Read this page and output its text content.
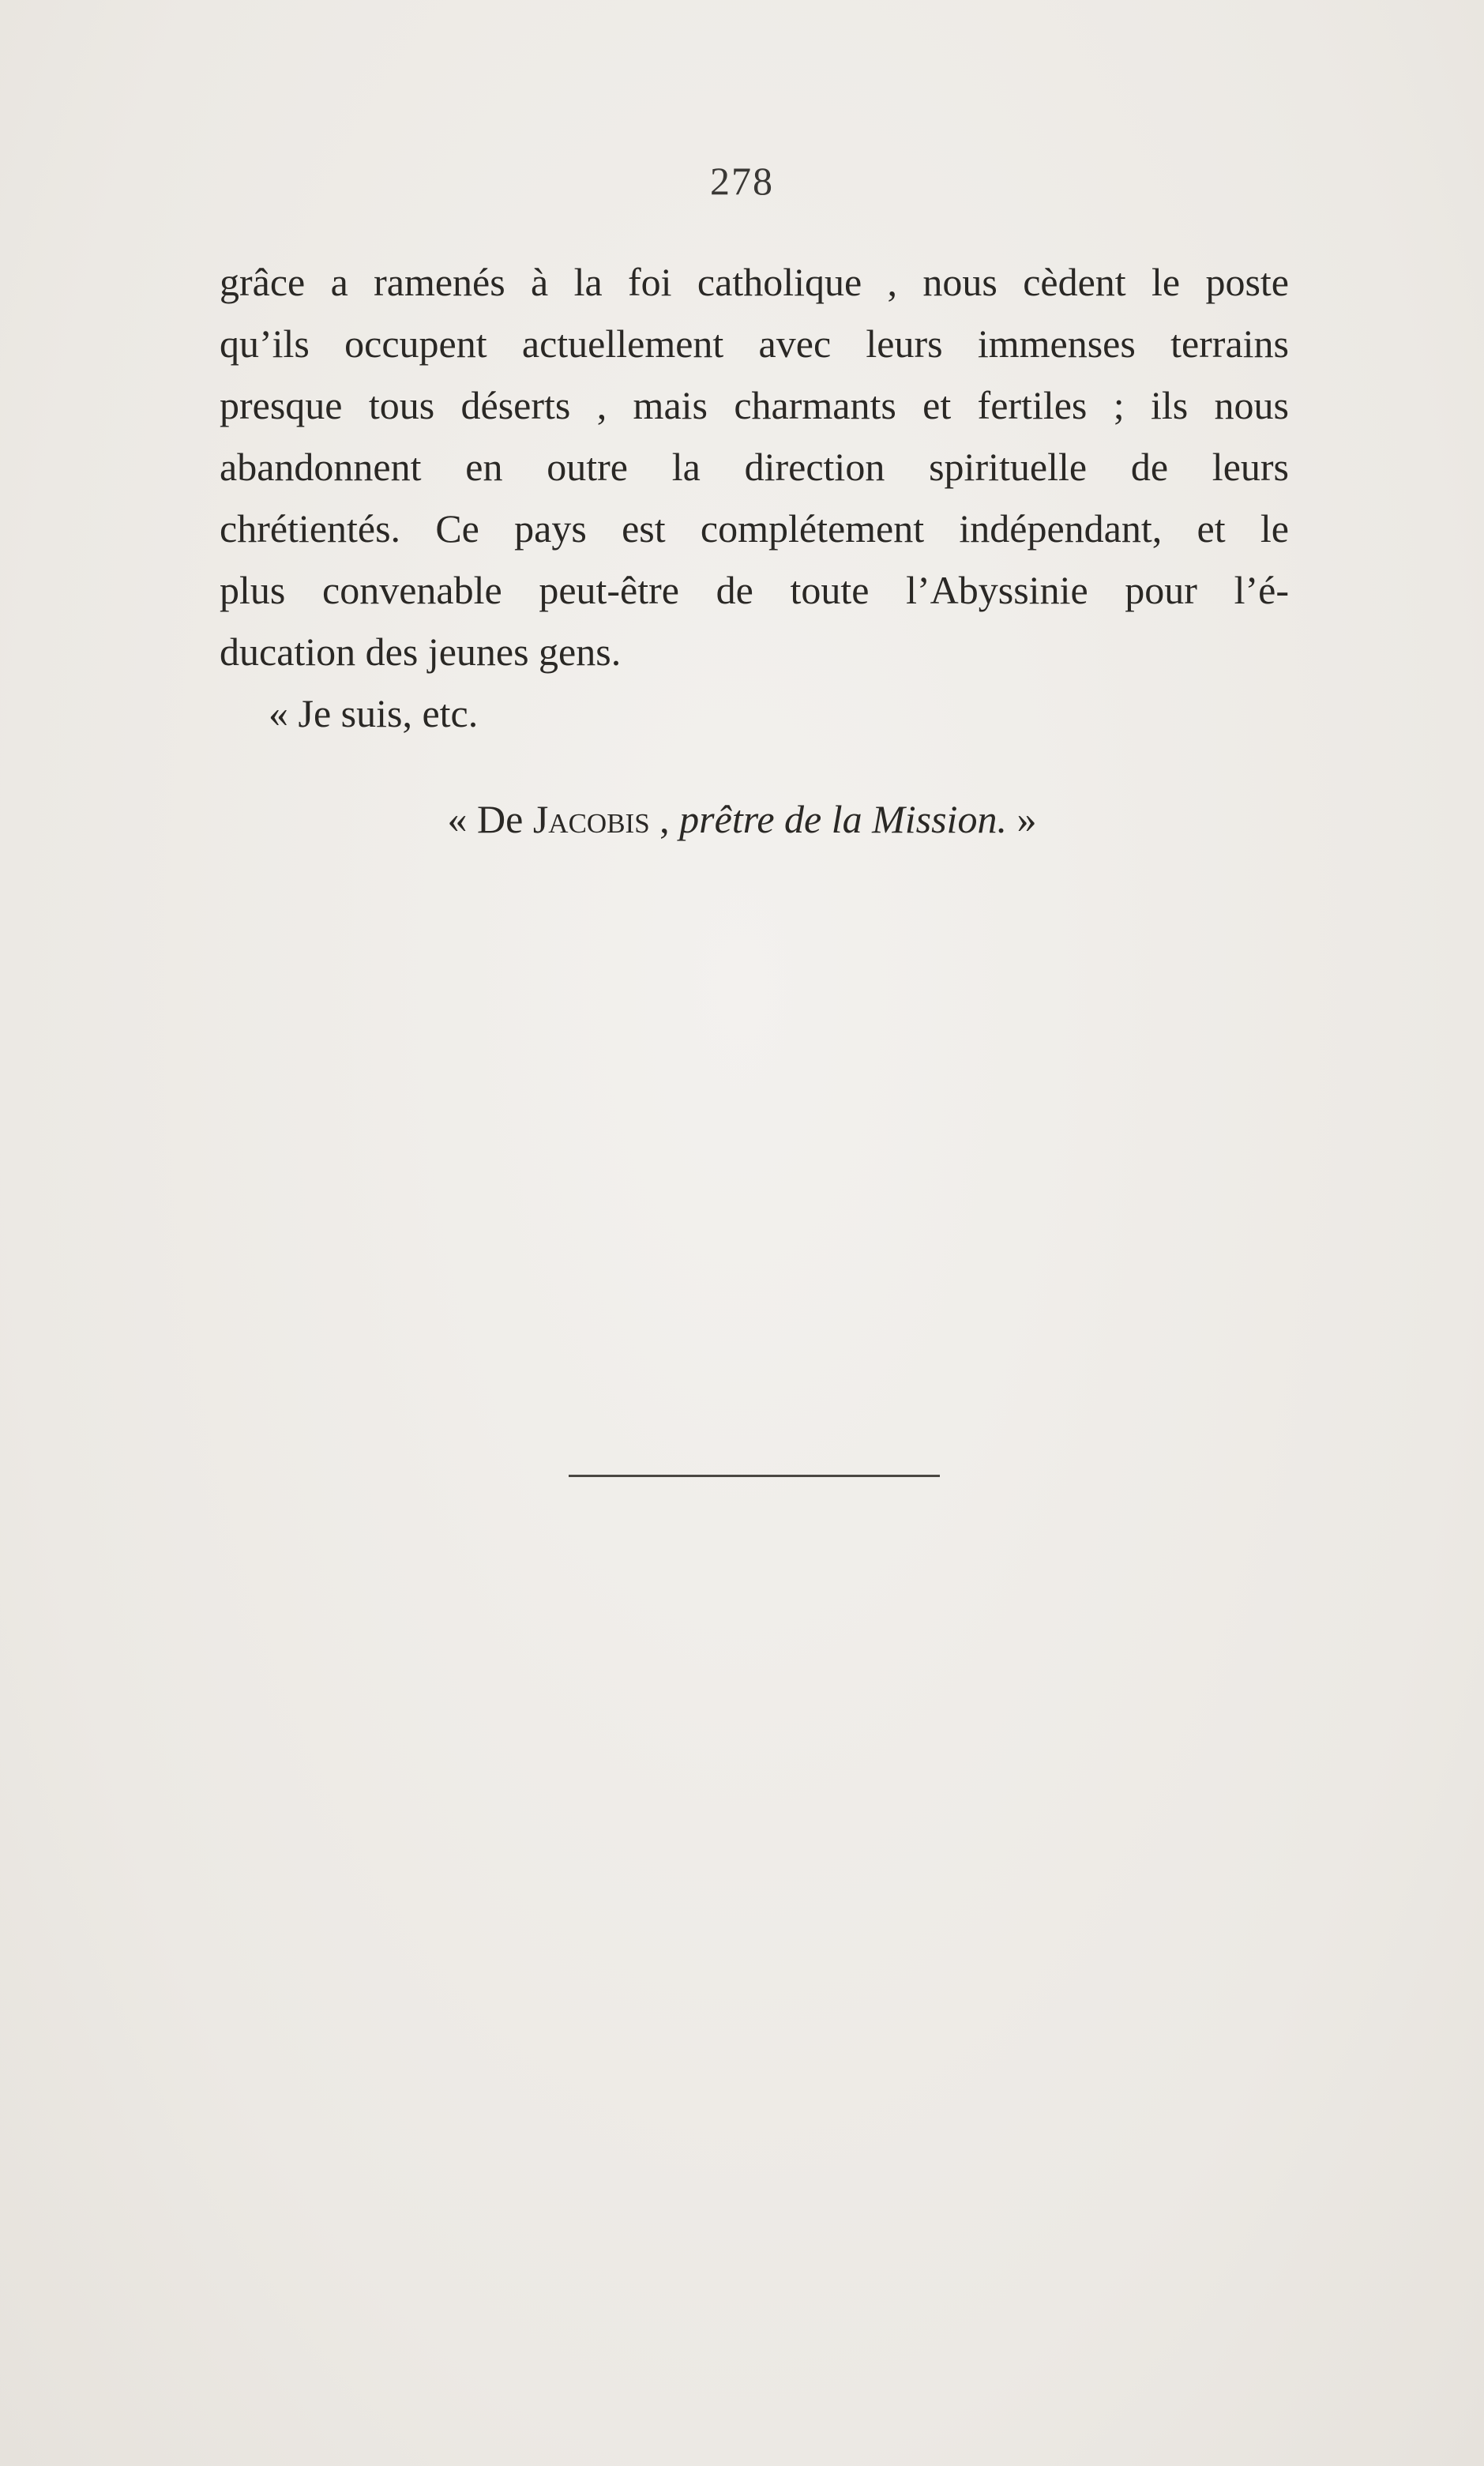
278
grâce a ramenés à la foi catholique , nous cèdent le poste
qu’ils occupent actuellement avec leurs immenses terrains
presque tous déserts , mais charmants et fertiles ; ils nous
abandonnent en outre la direction spirituelle de leurs
chrétientés. Ce pays est complétement indépendant, et le
plus convenable peut-être de toute l’Abyssinie pour l’é-
ducation des jeunes gens.
« Je suis, etc.
« De Jacobis , prêtre de la Mission. »
